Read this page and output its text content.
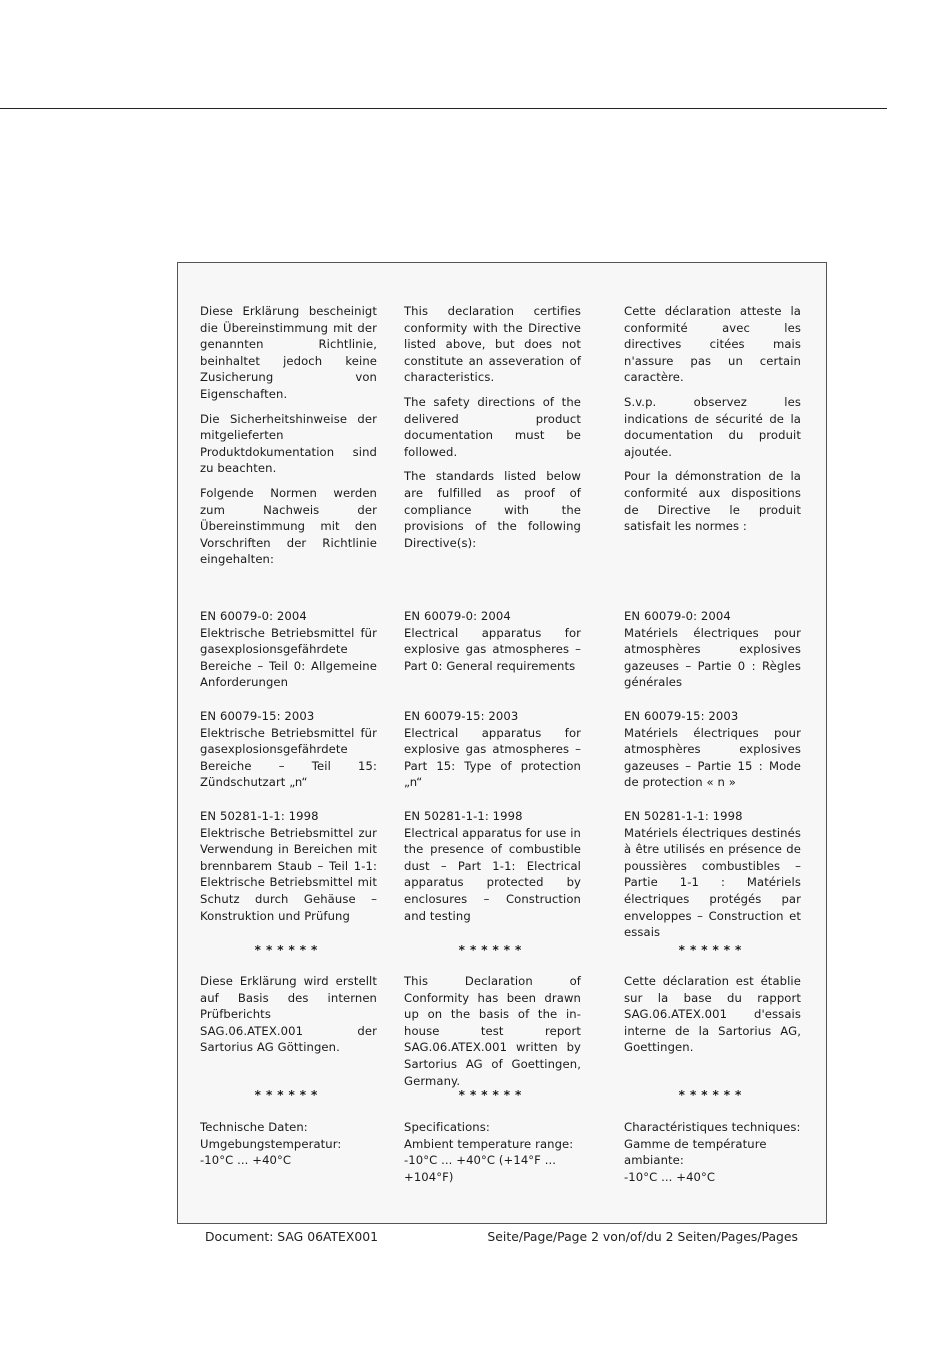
Diese Erklärung bescheinigt die Übereinstimmung mit der genannten Richtlinie, beinhaltet jedoch keine Zusicherung von Eigenschaften.

Die Sicherheitshinweise der mitgelieferten Produktdokumentation sind zu beachten.

Folgende Normen werden zum Nachweis der Übereinstimmung mit den Vorschriften der Richtlinie eingehalten:

EN 60079-0: 2004
Elektrische Betriebsmittel für gasexplosionsgefährdete Bereiche – Teil 0: Allgemeine Anforderungen

EN 60079-15: 2003
Elektrische Betriebsmittel für gasexplosionsgefährdete Bereiche – Teil 15: Zündschutzart „n“

EN 50281-1-1: 1998
Elektrische Betriebsmittel zur Verwendung in Bereichen mit brennbarem Staub – Teil 1-1: Elektrische Betriebsmittel mit Schutz durch Gehäuse – Konstruktion und Prüfung

******

Diese Erklärung wird erstellt auf Basis des internen Prüfberichts SAG.06.ATEX.001 der Sartorius AG Göttingen.

******

Technische Daten:
Umgebungstemperatur:
-10°C ... +40°C

This declaration certifies conformity with the Directive listed above, but does not constitute an asseveration of characteristics.

The safety directions of the delivered product documentation must be followed.

The standards listed below are fulfilled as proof of compliance with the provisions of the following Directive(s):

EN 60079-0: 2004
Electrical apparatus for explosive gas atmospheres – Part 0: General requirements

EN 60079-15: 2003
Electrical apparatus for explosive gas atmospheres – Part 15: Type of protection „n“

EN 50281-1-1: 1998
Electrical apparatus for use in the presence of combustible dust – Part 1-1: Electrical apparatus protected by enclosures – Construction and testing

******

This Declaration of Conformity has been drawn up on the basis of the in-house test report SAG.06.ATEX.001 written by Sartorius AG of Goettingen, Germany.

******

Specifications:
Ambient temperature range:
-10°C ... +40°C (+14°F ... +104°F)

Cette déclaration atteste la conformité avec les directives citées mais n'assure pas un certain caractère.

S.v.p. observez les indications de sécurité de la documentation du produit ajoutée.

Pour la démonstration de la conformité aux dispositions de Directive le produit satisfait les normes :

EN 60079-0: 2004
Matériels électriques pour atmosphères explosives gazeuses – Partie 0 : Règles générales

EN 60079-15: 2003
Matériels électriques pour atmosphères explosives gazeuses – Partie 15 : Mode de protection « n »

EN 50281-1-1: 1998
Matériels électriques destinés à être utilisés en présence de poussières combustibles – Partie 1-1 : Matériels électriques protégés par enveloppes – Construction et essais

******

Cette déclaration est établie sur la base du rapport SAG.06.ATEX.001 d'essais interne de la Sartorius AG, Goettingen.

******

Charactéristiques techniques:
Gamme de température ambiante:
-10°C ... +40°C

Document: SAG 06ATEX001	Seite/Page/Page 2 von/of/du 2 Seiten/Pages/Pages
